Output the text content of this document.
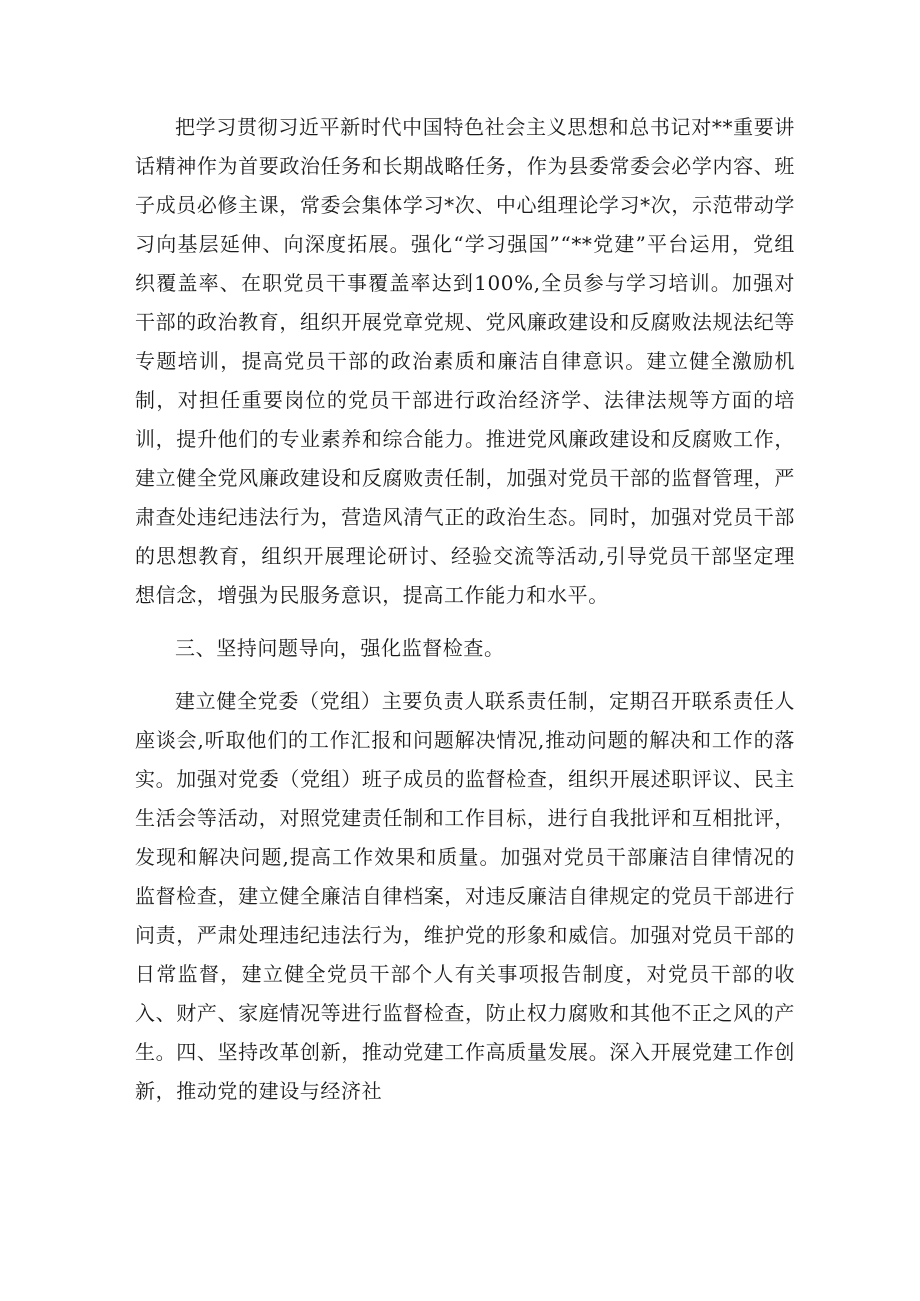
把学习贯彻习近平新时代中国特色社会主义思想和总书记对**重要讲话精神作为首要政治任务和长期战略任务，作为县委常委会必学内容、班子成员必修主课，常委会集体学习*次、中心组理论学习*次，示范带动学习向基层延伸、向深度拓展。强化“学习强国”“**党建”平台运用，党组织覆盖率、在职党员干事覆盖率达到100%,全员参与学习培训。加强对干部的政治教育，组织开展党章党规、党风廉政建设和反腐败法规法纪等专题培训，提高党员干部的政治素质和廉洁自律意识。建立健全激励机制，对担任重要岗位的党员干部进行政治经济学、法律法规等方面的培训，提升他们的专业素养和综合能力。推进党风廉政建设和反腐败工作，建立健全党风廉政建设和反腐败责任制，加强对党员干部的监督管理，严肃查处违纪违法行为，营造风清气正的政治生态。同时，加强对党员干部的思想教育，组织开展理论研讨、经验交流等活动,引导党员干部坚定理想信念，增强为民服务意识，提高工作能力和水平。

三、坚持问题导向，强化监督检查。

建立健全党委（党组）主要负责人联系责任制，定期召开联系责任人座谈会,听取他们的工作汇报和问题解决情况,推动问题的解决和工作的落实。加强对党委（党组）班子成员的监督检查，组织开展述职评议、民主生活会等活动，对照党建责任制和工作目标，进行自我批评和互相批评，发现和解决问题,提高工作效果和质量。加强对党员干部廉洁自律情况的监督检查，建立健全廉洁自律档案，对违反廉洁自律规定的党员干部进行问责，严肃处理违纪违法行为，维护党的形象和威信。加强对党员干部的日常监督，建立健全党员干部个人有关事项报告制度，对党员干部的收入、财产、家庭情况等进行监督检查，防止权力腐败和其他不正之风的产生。四、坚持改革创新，推动党建工作高质量发展。深入开展党建工作创新，推动党的建设与经济社
